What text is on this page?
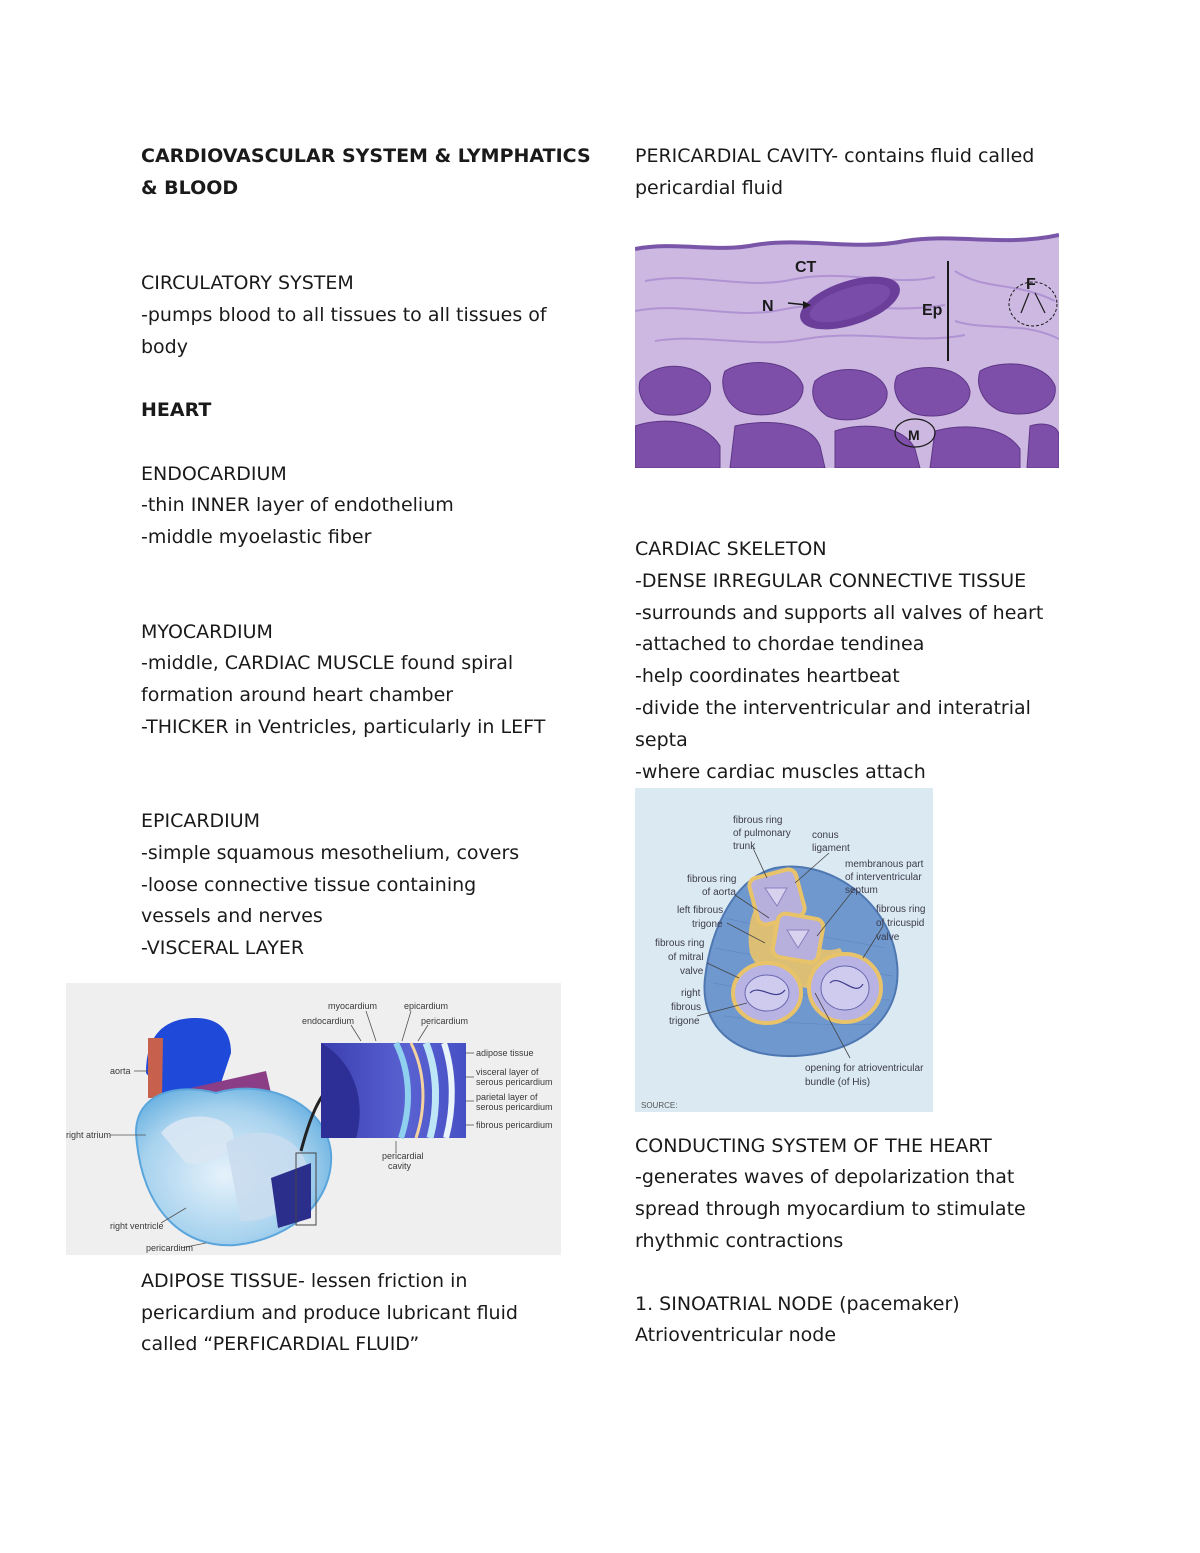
CARDIOVASCULAR SYSTEM & LYMPHATICS
& BLOOD
CIRCULATORY SYSTEM
-pumps blood to all tissues to all tissues of
body
HEART
ENDOCARDIUM
-thin INNER layer of endothelium
-middle myoelastic fiber
MYOCARDIUM
-middle, CARDIAC MUSCLE found spiral
formation around heart chamber
-THICKER in Ventricles, particularly in LEFT
EPICARDIUM
-simple squamous mesothelium, covers
-loose connective tissue containing
vessels and nerves
-VISCERAL LAYER
aorta
right atrium
right ventricle
pericardium
myocardium	epicardium
endocardium	pericardium
pericardial
cavity
adipose tissue
visceral layer of
serous pericardium
parietal layer of
serous pericardium
fibrous pericardium
ADIPOSE TISSUE- lessen friction in
pericardium and produce lubricant fluid
called “PERFICARDIAL FLUID”
PERICARDIAL CAVITY- contains fluid called
pericardial fluid
CT
N	Ep
F
M
CARDIAC SKELETON
-DENSE IRREGULAR CONNECTIVE TISSUE
-surrounds and supports all valves of heart
-attached to chordae tendinea
-help coordinates heartbeat
-divide the interventricular and interatrial
septa
-where cardiac muscles attach
fibrous ring
of pulmonary
trunk
conus
ligament
membranous part
of interventricular
septum
fibrous ring
of aorta
left fibrous
trigone
fibrous ring
of tricuspid
valve
fibrous ring
of mitral
valve
right
fibrous
trigone
opening for atrioventricular
bundle (of His)
SOURCE:
CONDUCTING SYSTEM OF THE HEART
-generates waves of depolarization that
spread through myocardium to stimulate
rhythmic contractions
1. SINOATRIAL NODE (pacemaker)
Atrioventricular node
